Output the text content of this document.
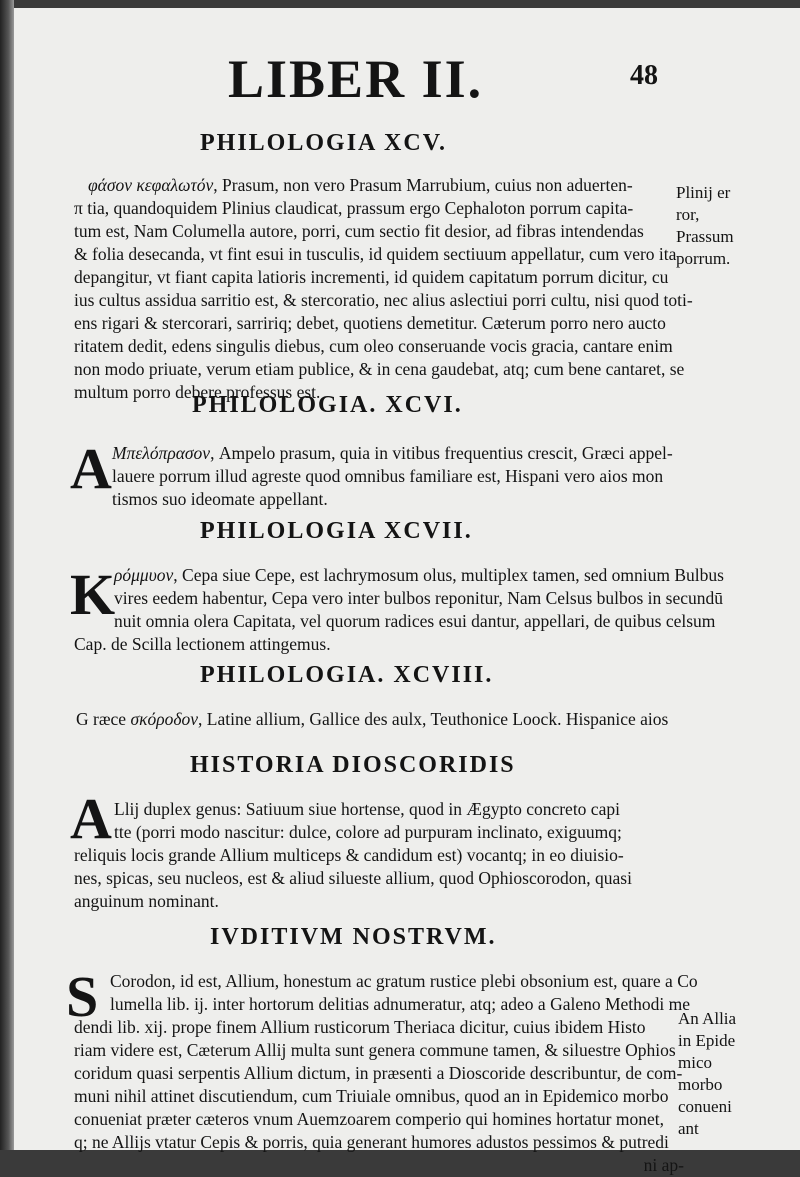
LIBER II.	48
PHILOLOGIA XCV.
φάσον κεφαλωτόν, Prasum, non vero Prasum Marrubium, cuius non aduerten-
π tia, quandoquidem Plinius claudicat, prassum ergo Cephaloton porrum capita-
tum est, Nam Columella autore, porri, cum sectio fit desior, ad fibras intendendas
& folia desecanda, vt fint esui in tusculis, id quidem sectiuum appellatur, cum vero ita
depangitur, vt fiant capita latioris incrementi, id quidem capitatum porrum dicitur, cu
ius cultus assidua sarritio est, & stercoratio, nec alius aslectiui porri cultu, nisi quod toti-
ens rigari & stercorari, sarririq; debet, quotiens demetitur. Cæterum porro nero aucto
ritatem dedit, edens singulis diebus, cum oleo conseruande vocis gracia, cantare enim
non modo priuate, verum etiam publice, & in cena gaudebat, atq; cum bene cantaret, se
multum porro debere professus est.
Plinij er
ror,
Prassum
porrum.
PHILOLOGIA. XCVI.
A Μπελόπρασον, Ampelo prasum, quia in vitibus frequentius crescit, Græci appel-
lauere porrum illud agreste quod omnibus familiare est, Hispani vero aios mon
tismos suo ideomate appellant.
PHILOLOGIA XCVII.
K
ρόμμυον, Cepa siue Cepe, est lachrymosum olus, multiplex tamen, sed omnium Bulbus
vires eedem habentur, Cepa vero inter bulbos reponitur, Nam Celsus bulbos in secundū
nuit omnia olera Capitata, vel quorum radices esui dantur, appellari, de quibus celsum
Cap. de Scilla lectionem attingemus.
PHILOLOGIA. XCVIII.
G ræce σκόροδον, Latine allium, Gallice des aulx, Teuthonice Loock. Hispanice aios
HISTORIA DIOSCORIDIS
A Llij duplex genus: Satiuum siue hortense, quod in Ægypto concreto capi
tte (porri modo nascitur: dulce, colore ad purpuram inclinato, exiguumq;
reliquis locis grande Allium multiceps & candidum est) vocantq; in eo diuisio-
nes, spicas, seu nucleos, est & aliud silueste allium, quod Ophioscorodon, quasi
anguinum nominant.
IVDITIVM NOSTRVM.
S Corodon, id est, Allium, honestum ac gratum rustice plebi obsonium est, quare a Co
lumella lib. ij. inter hortorum delitias adnumeratur, atq; adeo a Galeno Methodi me
dendi lib. xij. prope finem Allium rusticorum Theriaca dicitur, cuius ibidem Histo
riam videre est, Cæterum Allij multa sunt genera commune tamen, & siluestre Ophios
coridum quasi serpentis Allium dictum, in præsenti a Dioscoride describuntur, de com-
muni nihil attinet discutiendum, cum Triuiale omnibus, quod an in Epidemico morbo
conueniat præter cæteros vnum Auemzoarem comperio qui homines hortatur monet,
q; ne Allijs vtatur Cepis & porris, quia generant humores adustos pessimos & putredi
ni ap-
An Allia
in Epide
mico
morbo
conueni
ant
